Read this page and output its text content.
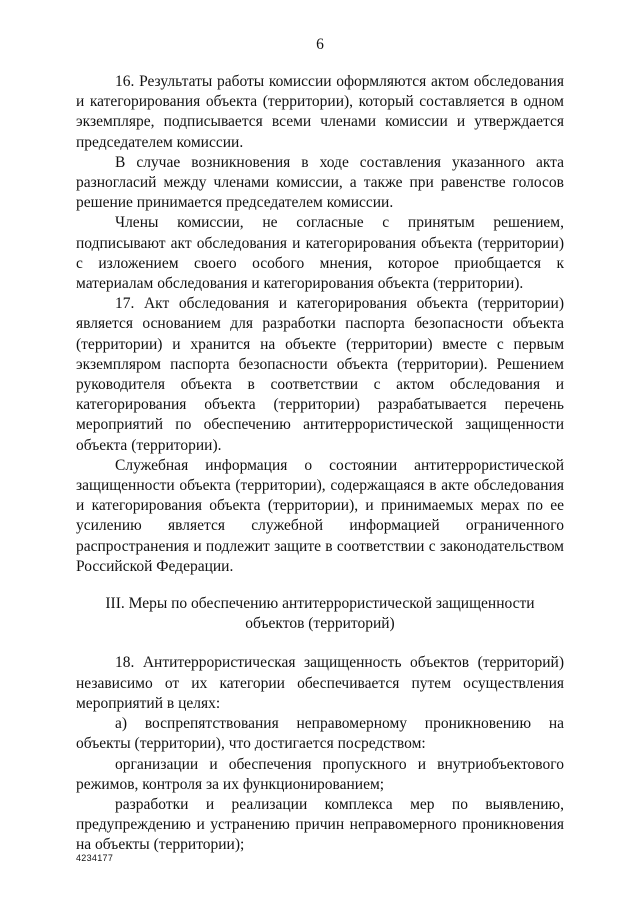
6

16. Результаты работы комиссии оформляются актом обследования и категорирования объекта (территории), который составляется в одном экземпляре, подписывается всеми членами комиссии и утверждается председателем комиссии.

В случае возникновения в ходе составления указанного акта разногласий между членами комиссии, а также при равенстве голосов решение принимается председателем комиссии.

Члены комиссии, не согласные с принятым решением, подписывают акт обследования и категорирования объекта (территории) с изложением своего особого мнения, которое приобщается к материалам обследования и категорирования объекта (территории).

17. Акт обследования и категорирования объекта (территории) является основанием для разработки паспорта безопасности объекта (территории) и хранится на объекте (территории) вместе с первым экземпляром паспорта безопасности объекта (территории). Решением руководителя объекта в соответствии с актом обследования и категорирования объекта (территории) разрабатывается перечень мероприятий по обеспечению антитеррористической защищенности объекта (территории).

Служебная информация о состоянии антитеррористической защищенности объекта (территории), содержащаяся в акте обследования и категорирования объекта (территории), и принимаемых мерах по ее усилению является служебной информацией ограниченного распространения и подлежит защите в соответствии с законодательством Российской Федерации.

III. Меры по обеспечению антитеррористической защищенности
объектов (территорий)

18. Антитеррористическая защищенность объектов (территорий) независимо от их категории обеспечивается путем осуществления мероприятий в целях:

а) воспрепятствования неправомерному проникновению на объекты (территории), что достигается посредством:

организации и обеспечения пропускного и внутриобъектового режимов, контроля за их функционированием;

разработки и реализации комплекса мер по выявлению, предупреждению и устранению причин неправомерного проникновения на объекты (территории);

4234177
